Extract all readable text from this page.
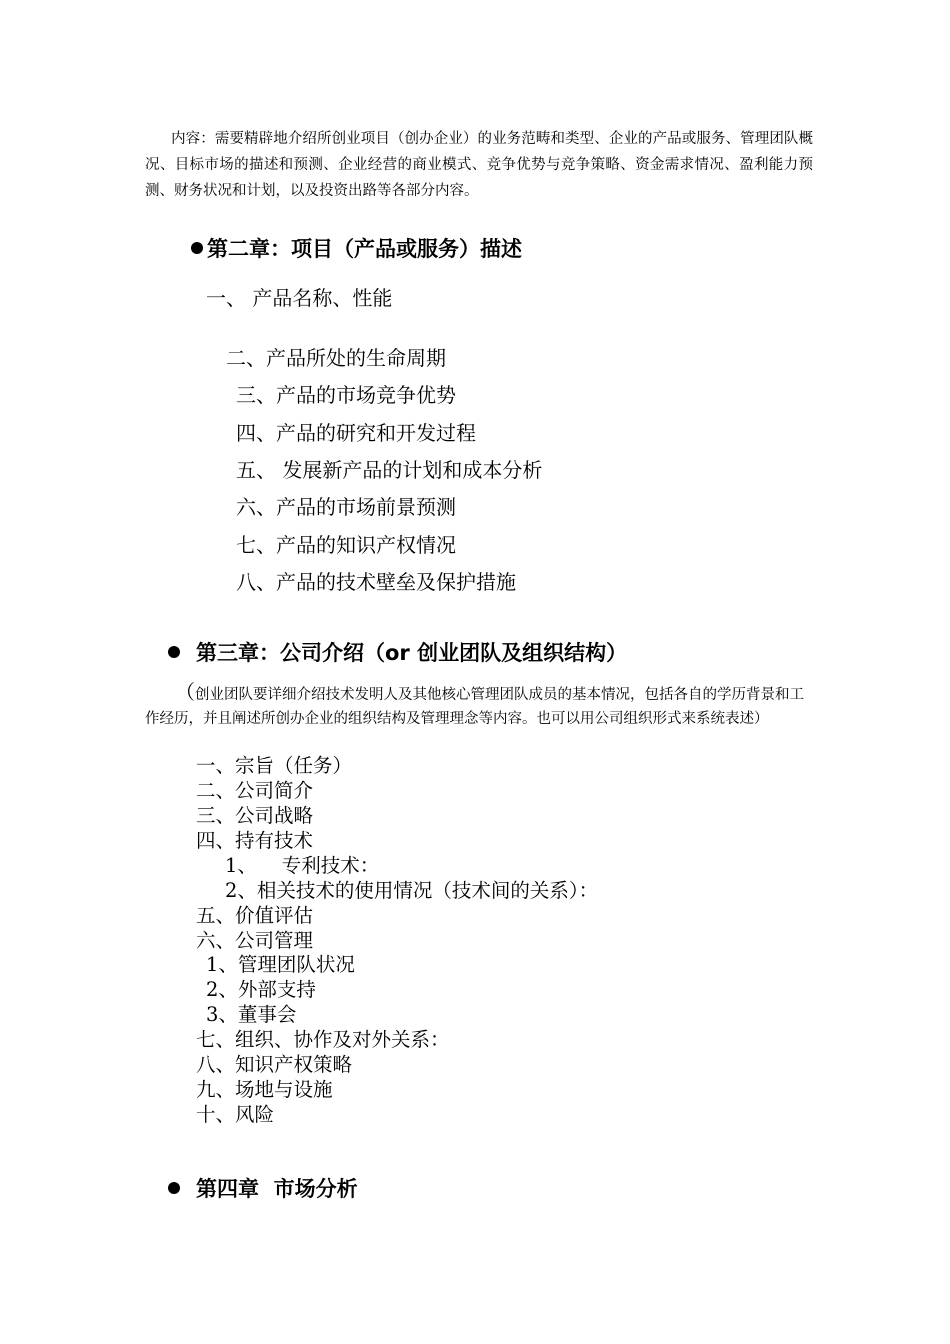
内容：需要精辟地介绍所创业项目（创办企业）的业务范畴和类型、企业的产品或服务、管理团队概况、目标市场的描述和预测、企业经营的商业模式、竞争优势与竞争策略、资金需求情况、盈利能力预测、财务状况和计划，以及投资出路等各部分内容。
第二章：项目（产品或服务）描述
一、 产品名称、性能
二、产品所处的生命周期
三、产品的市场竞争优势
四、产品的研究和开发过程
五、 发展新产品的计划和成本分析
六、产品的市场前景预测
七、产品的知识产权情况
八、产品的技术壁垒及保护措施
第三章：公司介绍（or 创业团队及组织结构）
（创业团队要详细介绍技术发明人及其他核心管理团队成员的基本情况，包括各自的学历背景和工作经历，并且阐述所创办企业的组织结构及管理理念等内容。也可以用公司组织形式来系统表述）
一、宗旨（任务）
二、公司简介
三、公司战略
四、持有技术
1、    专利技术：
2、相关技术的使用情况（技术间的关系）：
五、价值评估
六、公司管理
1、管理团队状况
2、外部支持
3、董事会
七、组织、协作及对外关系：
八、知识产权策略
九、场地与设施
十、风险
第四章  市场分析
